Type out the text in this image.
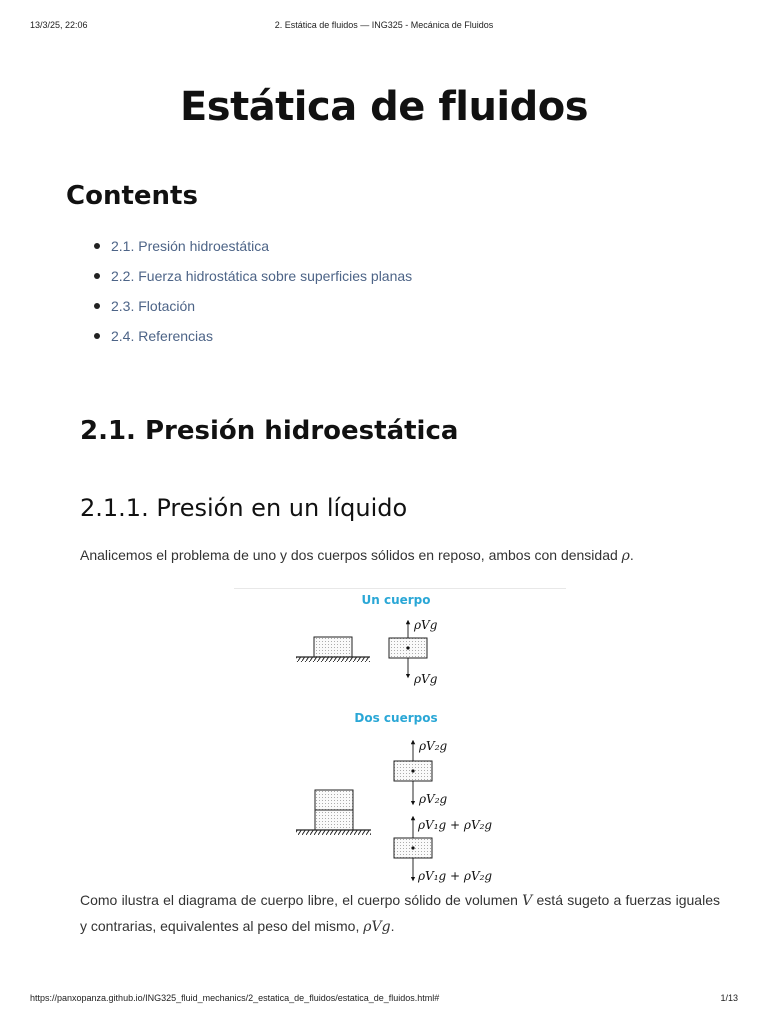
13/3/25, 22:06	2. Estática de fluidos — ING325 - Mecánica de Fluidos
Estática de fluidos
Contents
2.1. Presión hidroestática
2.2. Fuerza hidrostática sobre superficies planas
2.3. Flotación
2.4. Referencias
2.1. Presión hidroestática
2.1.1. Presión en un líquido
Analicemos el problema de uno y dos cuerpos sólidos en reposo, ambos con densidad ρ.
Un cuerpo
ρVg
ρVg
Dos cuerpos
ρV₂g
ρV₂g
ρV₁g + ρV₂g
ρV₁g + ρV₂g
Como ilustra el diagrama de cuerpo libre, el cuerpo sólido de volumen V está sugeto a fuerzas iguales y contrarias, equivalentes al peso del mismo, ρVg.
https://panxopanza.github.io/ING325_fluid_mechanics/2_estatica_de_fluidos/estatica_de_fluidos.html#	1/13
